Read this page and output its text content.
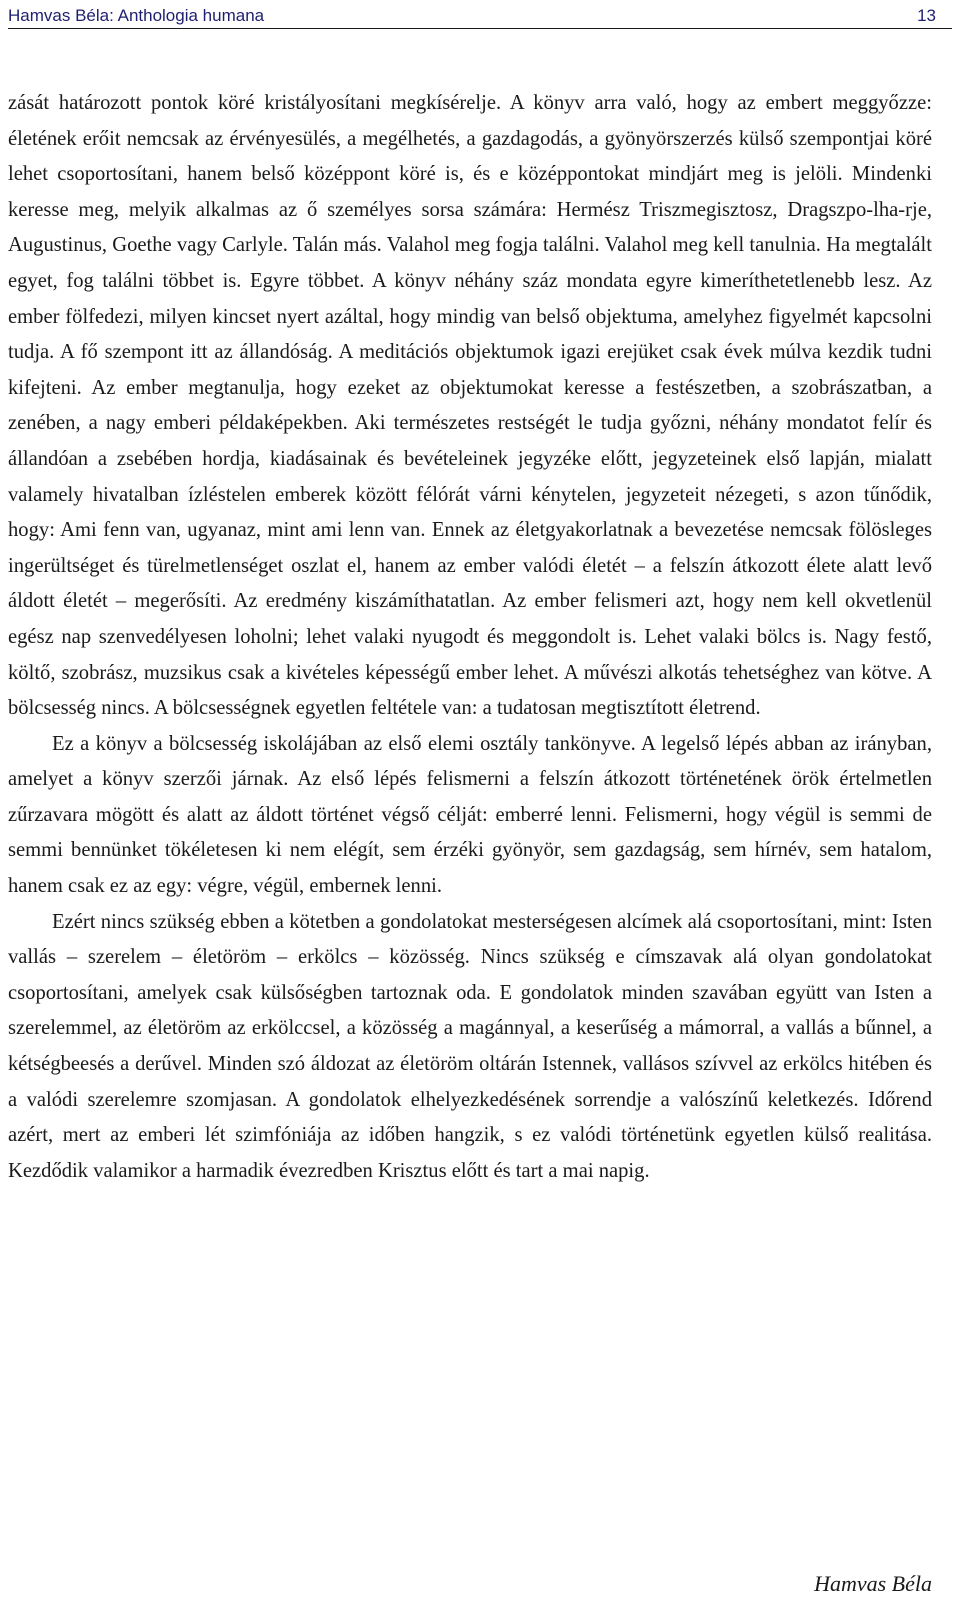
Hamvas Béla: Anthologia humana	13

zását határozott pontok köré kristályosítani megkísérelje. A könyv arra való, hogy az embert meggyőzze: életének erőit nemcsak az érvényesülés, a megélhetés, a gazdagodás, a gyönyörszerzés külső szempontjai köré lehet csoportosítani, hanem belső középpont köré is, és e középpontokat mindjárt meg is jelöli. Mindenki keresse meg, melyik alkalmas az ő személyes sorsa számára: Hermész Triszmegisztosz, Dragszpo-lha-rje, Augustinus, Goethe vagy Carlyle. Talán más. Valahol meg fogja találni. Valahol meg kell tanulnia. Ha megtalált egyet, fog találni többet is. Egyre többet. A könyv néhány száz mondata egyre kimeríthetetlenebb lesz. Az ember fölfedezi, milyen kincset nyert azáltal, hogy mindig van belső objektuma, amelyhez figyelmét kapcsolni tudja. A fő szempont itt az állandóság. A meditációs objektumok igazi erejüket csak évek múlva kezdik tudni kifejteni. Az ember megtanulja, hogy ezeket az objektumokat keresse a festészetben, a szobrászatban, a zenében, a nagy emberi példaképekben. Aki természetes restségét le tudja győzni, néhány mondatot felír és állandóan a zsebében hordja, kiadásainak és bevételeinek jegyzéke előtt, jegyzeteinek első lapján, mialatt valamely hivatalban ízléstelen emberek között félórát várni kénytelen, jegyzeteit nézegeti, s azon tűnődik, hogy: Ami fenn van, ugyanaz, mint ami lenn van. Ennek az életgyakorlatnak a bevezetése nemcsak fölösleges ingerültséget és türelmetlenséget oszlat el, hanem az ember valódi életét – a felszín átkozott élete alatt levő áldott életét – megerősíti. Az eredmény kiszámíthatatlan. Az ember felismeri azt, hogy nem kell okvetlenül egész nap szenvedélyesen loholni; lehet valaki nyugodt és meggondolt is. Lehet valaki bölcs is. Nagy festő, költő, szobrász, muzsikus csak a kivételes képességű ember lehet. A művészi alkotás tehetséghez van kötve. A bölcsesség nincs. A bölcsességnek egyetlen feltétele van: a tudatosan megtisztított életrend.

Ez a könyv a bölcsesség iskolájában az első elemi osztály tankönyve. A legelső lépés abban az irányban, amelyet a könyv szerzői járnak. Az első lépés felismerni a felszín átkozott történetének örök értelmetlen zűrzavara mögött és alatt az áldott történet végső célját: emberré lenni. Felismerni, hogy végül is semmi de semmi bennünket tökéletesen ki nem elégít, sem érzéki gyönyör, sem gazdagság, sem hírnév, sem hatalom, hanem csak ez az egy: végre, végül, embernek lenni.

Ezért nincs szükség ebben a kötetben a gondolatokat mesterségesen alcímek alá csoportosítani, mint: Isten vallás – szerelem – életöröm – erkölcs – közösség. Nincs szükség e címszavak alá olyan gondolatokat csoportosítani, amelyek csak külsőségben tartoznak oda. E gondolatok minden szavában együtt van Isten a szerelemmel, az életöröm az erkölccsel, a közösség a magánnyal, a keserűség a mámorral, a vallás a bűnnel, a kétségbeesés a derűvel. Minden szó áldozat az életöröm oltárán Istennek, vallásos szívvel az erkölcs hitében és a valódi szerelemre szomjasan. A gondolatok elhelyezkedésének sorrendje a valószínű keletkezés. Időrend azért, mert az emberi lét szimfóniája az időben hangzik, s ez valódi történetünk egyetlen külső realitása. Kezdődik valamikor a harmadik évezredben Krisztus előtt és tart a mai napig.

Hamvas Béla
